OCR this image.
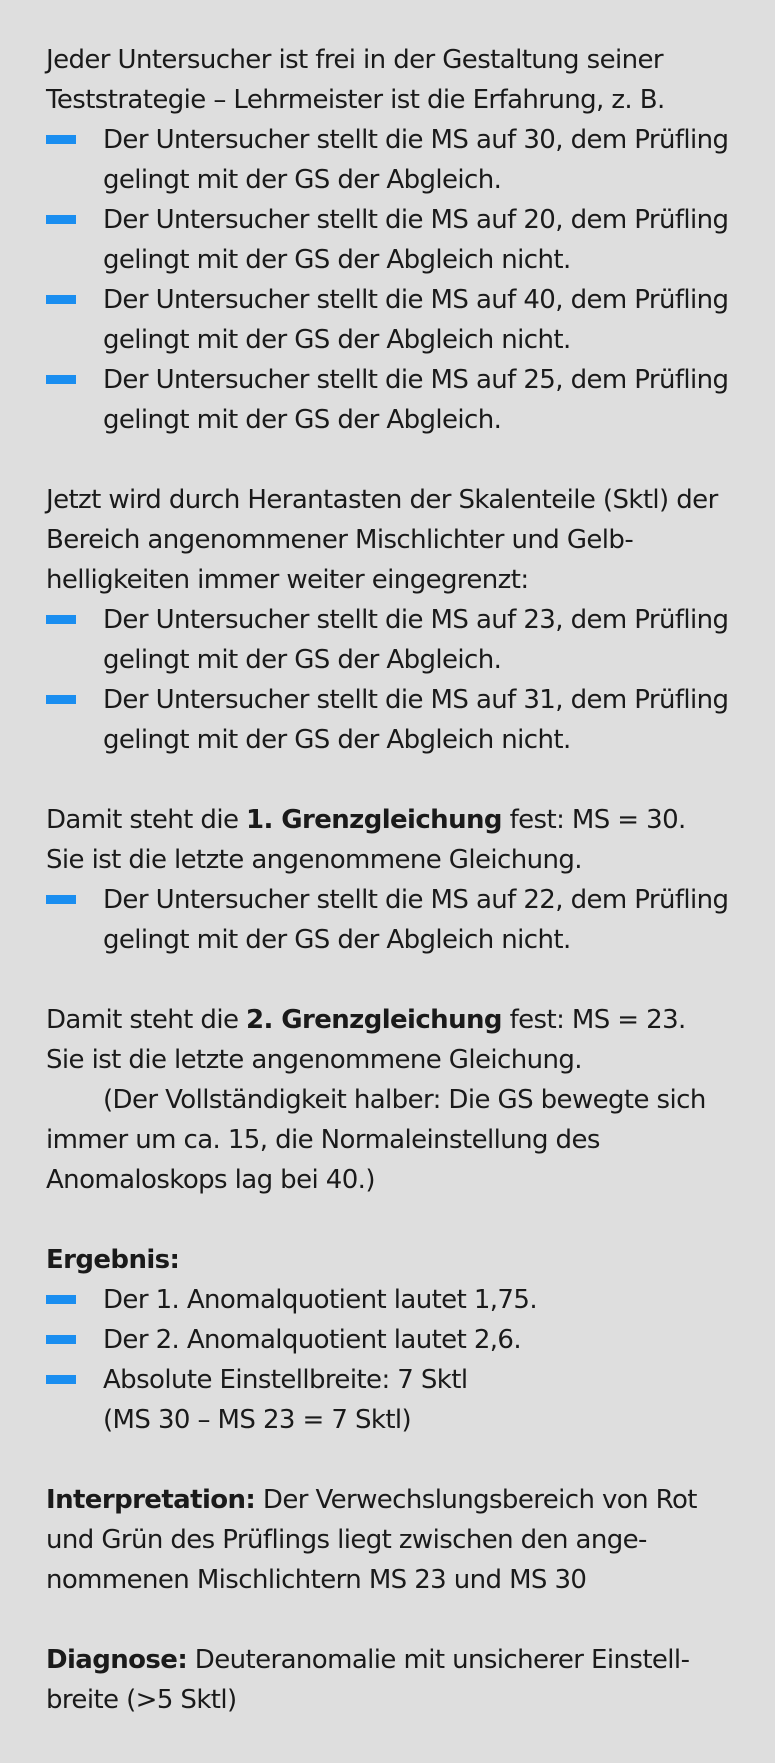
Jeder Untersucher ist frei in der Gestaltung seiner Teststrategie – Lehrmeister ist die Erfahrung, z. B.

Der Untersucher stellt die MS auf 30, dem Prüfling gelingt mit der GS der Abgleich.
Der Untersucher stellt die MS auf 20, dem Prüfling gelingt mit der GS der Abgleich nicht.
Der Untersucher stellt die MS auf 40, dem Prüfling gelingt mit der GS der Abgleich nicht.
Der Untersucher stellt die MS auf 25, dem Prüfling gelingt mit der GS der Abgleich.

Jetzt wird durch Herantasten der Skalenteile (Sktl) der Bereich angenommener Mischlichter und Gelbhelligkeiten immer weiter eingegrenzt:

Der Untersucher stellt die MS auf 23, dem Prüfling gelingt mit der GS der Abgleich.
Der Untersucher stellt die MS auf 31, dem Prüfling gelingt mit der GS der Abgleich nicht.

Damit steht die 1. Grenzgleichung fest: MS = 30.

Sie ist die letzte angenommene Gleichung.

Der Untersucher stellt die MS auf 22, dem Prüfling gelingt mit der GS der Abgleich nicht.

Damit steht die 2. Grenzgleichung fest: MS = 23.

Sie ist die letzte angenommene Gleichung.

(Der Vollständigkeit halber: Die GS bewegte sich immer um ca. 15, die Normaleinstellung des Anomaloskops lag bei 40.)

Ergebnis:

Der 1. Anomalquotient lautet 1,75.
Der 2. Anomalquotient lautet 2,6.
Absolute Einstellbreite: 7 Sktl
(MS 30 – MS 23 = 7 Sktl)

Interpretation: Der Verwechslungsbereich von Rot und Grün des Prüflings liegt zwischen den angenommenen Mischlichtern MS 23 und MS 30

Diagnose: Deuteranomalie mit unsicherer Einstellbreite (>5 Sktl)
